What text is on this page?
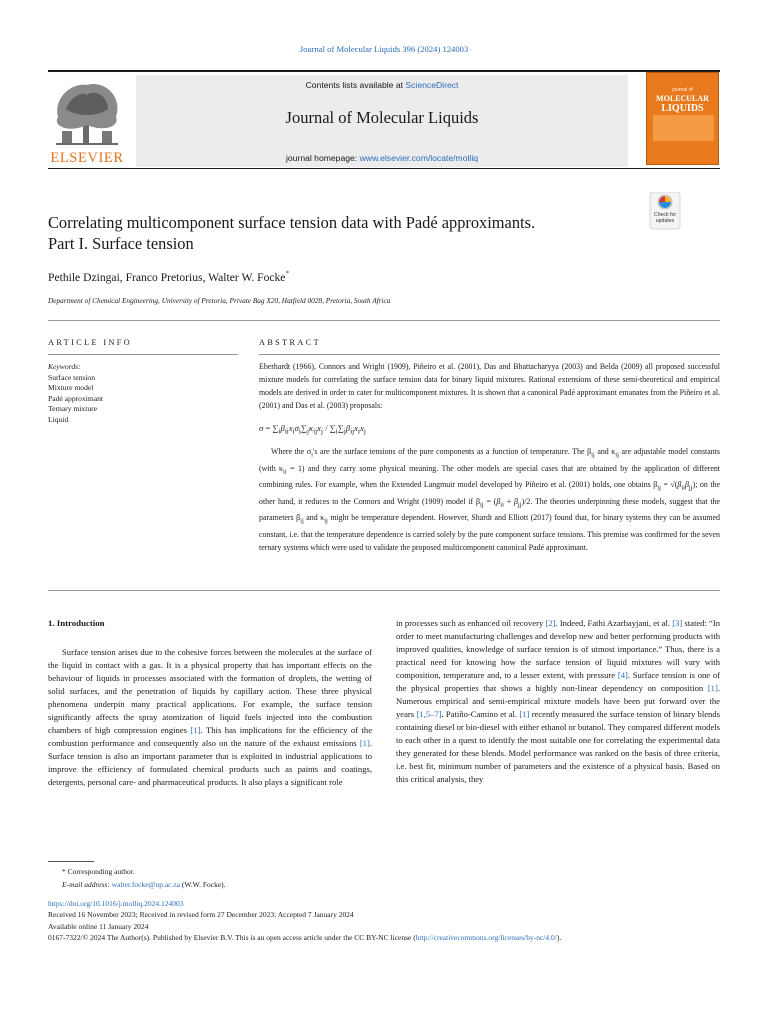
Journal of Molecular Liquids 396 (2024) 124003
ELSEVIER
Contents lists available at ScienceDirect
Journal of Molecular Liquids
journal homepage: www.elsevier.com/locate/molliq
journal of
MOLECULAR
LIQUIDS
Check for
updates
Correlating multicomponent surface tension data with Padé approximants.
Part I. Surface tension
Pethile Dzingai, Franco Pretorius, Walter W. Focke*
Department of Chemical Engineering, University of Pretoria, Private Bag X20, Hatfield 0028, Pretoria, South Africa
ARTICLE INFO	ABSTRACT
Keywords:
Surface tension
Mixture model
Padé approximant
Ternary mixture
Liquid

Eberhardt (1966), Connors and Wright (1909), Piñeiro et al. (2001), Das and Bhattacharyya (2003) and Belda (2009) all proposed successful mixture models for correlating the surface tension data for binary liquid mixtures. Rational extensions of these semi-theoretical and empirical models are derived in order to cater for multicomponent mixtures. It is shown that a canonical Padé approximant emanates from the Piñeiro et al. (2001) and Das et al. (2003) proposals:

$\sigma = \sum_i\beta_{ii}x_i\sigma_i\sum_j\kappa_{ij}x_j / \sum_i\sum_j\beta_{ij}x_ix_j$

Where the $\sigma_i's$ are the surface tensions of the pure components as a function of temperature. The $\beta_{ij}$ and $\kappa_{ij}$ are adjustable model constants (with $\kappa_{ii} = 1$) and they carry some physical meaning. The other models are special cases that are obtained by the application of different combining rules. For example, when the Extended Langmuir model developed by Piñeiro et al. (2001) holds, one obtains $\beta_{ij} = √(\beta_{ii}\beta_{jj})$; on the other hand, it reduces to the Connors and Wright (1909) model if $\beta_{ij} = (\beta_{ii} + \beta_{jj})/2$. The theories underpinning these models, suggest that the parameters $\beta_{ij}$ and $\kappa_{ij}$ might be temperature dependent. However, Shardt and Elliott (2017) found that, for binary systems they can be assumed constant, i.e. that the temperature dependence is carried solely by the pure component surface tensions. This premise was confirmed for the seven ternary systems which were used to validate the proposed multicomponent canonical Padé approximant.

1. Introduction

Surface tension arises due to the cohesive forces between the molecules at the surface of the liquid in contact with a gas. It is a physical property that has important effects on the behaviour of liquids in processes associated with the formation of droplets, the wetting of solid surfaces, and the penetration of liquids by capillary action. These three physical phenomena underpin many practical applications. For example, the surface tension significantly affects the spray atomization of liquid fuels injected into the combustion chambers of high compression engines [1]. This has implications for the efficiency of the combustion performance and consequently also on the nature of the exhaust emissions [1]. Surface tension is also an important parameter that is exploited in industrial applications to improve the efficiency of formulated chemical products such as paints and coatings, detergents, personal care- and pharmaceutical products. It also plays a significant role

in processes such as enhanced oil recovery [2]. Indeed, Fathi Azarbayjani, et al. [3] stated: “In order to meet manufacturing challenges and develop new and better performing products with improved qualities, knowledge of surface tension is of utmost importance.” Thus, there is a practical need for knowing how the surface tension of liquid mixtures will vary with composition, temperature and, to a lesser extent, with pressure [4]. Surface tension is one of the physical properties that shows a highly non-linear dependency on composition [1]. Numerous empirical and semi-empirical mixture models have been put forward over the years [1,5–7]. Patiño-Camino et al. [1] recently measured the surface tension of binary blends containing diesel or bio-diesel with either ethanol or butanol. They compared different models to each other in a quest to identify the most suitable one for correlating the experimental data they generated for these blends. Model performance was ranked on the basis of three criteria, i.e. best fit, minimum number of parameters and the existence of a physical basis. Based on this critical analysis, they

* Corresponding author.
E-mail address: walter.focke@up.ac.za (W.W. Focke).
https://doi.org/10.1016/j.molliq.2024.124003
Received 16 November 2023; Received in revised form 27 December 2023; Accepted 7 January 2024
Available online 11 January 2024
0167-7322/© 2024 The Author(s). Published by Elsevier B.V. This is an open access article under the CC BY-NC license (http://creativecommons.org/licenses/by-nc/4.0/).
